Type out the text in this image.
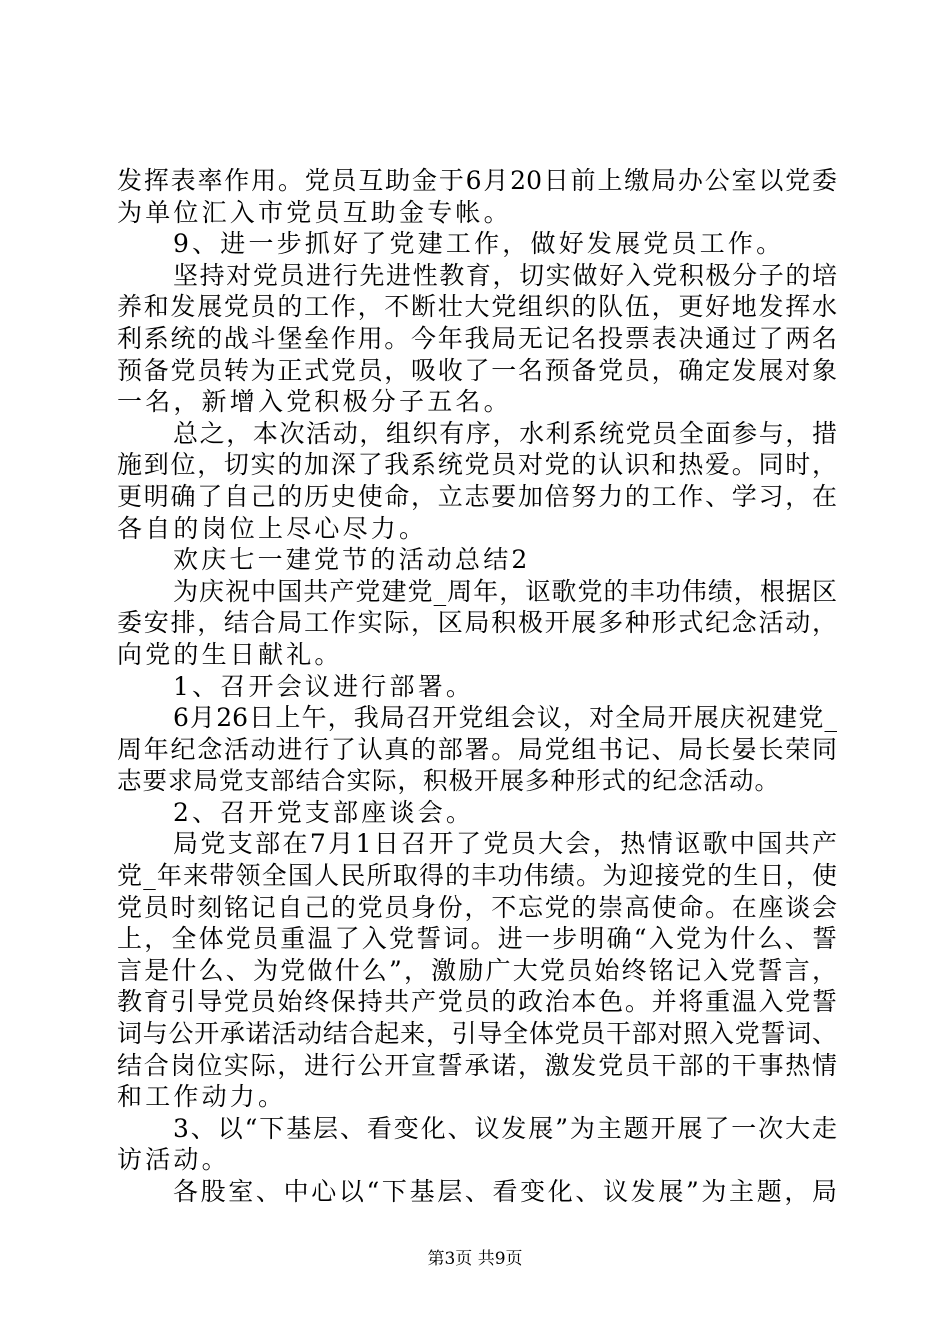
发挥表率作用。党员互助金于6月20日前上缴局办公室以党委
为单位汇入市党员互助金专帐。
9、进一步抓好了党建工作，做好发展党员工作。
坚持对党员进行先进性教育，切实做好入党积极分子的培
养和发展党员的工作，不断壮大党组织的队伍，更好地发挥水
利系统的战斗堡垒作用。今年我局无记名投票表决通过了两名
预备党员转为正式党员，吸收了一名预备党员，确定发展对象
一名，新增入党积极分子五名。
总之，本次活动，组织有序，水利系统党员全面参与，措
施到位，切实的加深了我系统党员对党的认识和热爱。同时，
更明确了自己的历史使命，立志要加倍努力的工作、学习，在
各自的岗位上尽心尽力。
欢庆七一建党节的活动总结2
为庆祝中国共产党建党_周年，讴歌党的丰功伟绩，根据区
委安排，结合局工作实际，区局积极开展多种形式纪念活动，
向党的生日献礼。
1、召开会议进行部署。
6月26日上午，我局召开党组会议，对全局开展庆祝建党_
周年纪念活动进行了认真的部署。局党组书记、局长晏长荣同
志要求局党支部结合实际，积极开展多种形式的纪念活动。
2、召开党支部座谈会。
局党支部在7月1日召开了党员大会，热情讴歌中国共产
党_年来带领全国人民所取得的丰功伟绩。为迎接党的生日，使
党员时刻铭记自己的党员身份，不忘党的崇高使命。在座谈会
上，全体党员重温了入党誓词。进一步明确“入党为什么、誓
言是什么、为党做什么”，激励广大党员始终铭记入党誓言，
教育引导党员始终保持共产党员的政治本色。并将重温入党誓
词与公开承诺活动结合起来，引导全体党员干部对照入党誓词、
结合岗位实际，进行公开宣誓承诺，激发党员干部的干事热情
和工作动力。
3、以“下基层、看变化、议发展”为主题开展了一次大走
访活动。
各股室、中心以“下基层、看变化、议发展”为主题，局
第3页 共9页
